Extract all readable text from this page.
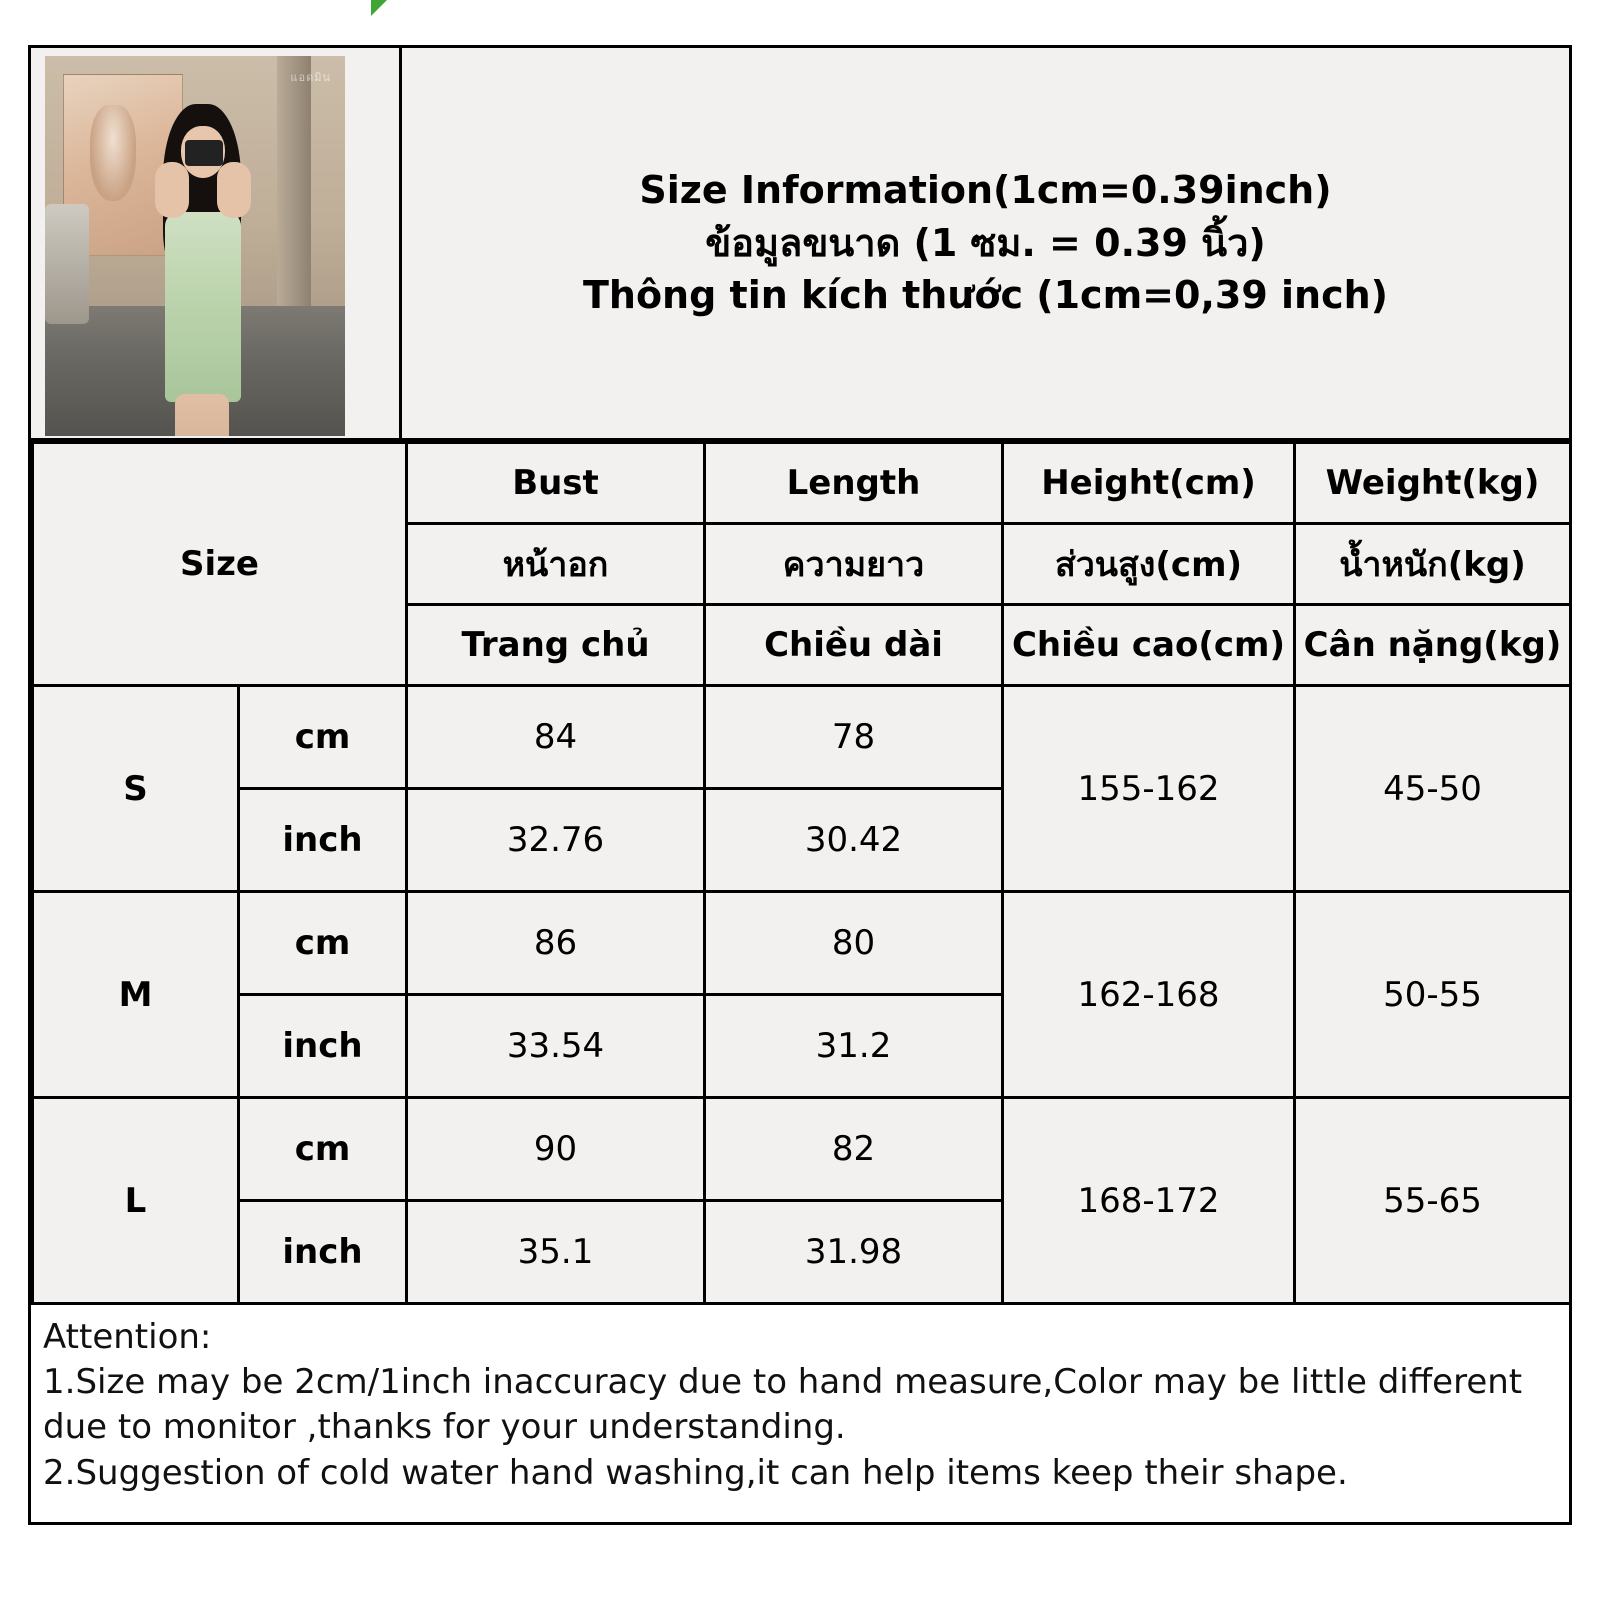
แอดมิน
Size Information(1cm=0.39inch)
ข้อมูลขนาด (1 ซม. = 0.39 นิ้ว)
Thông tin kích thước (1cm=0,39 inch)
Size		Bust	Length	Height(cm)	Weight(kg)
		หน้าอก	ความยาว	ส่วนสูง(cm)	น้ำหนัก(kg)
		Trang chủ	Chiều dài	Chiều cao(cm)	Cân nặng(kg)
S	cm	84	78	155-162	45-50
	inch	32.76	30.42		
M	cm	86	80	162-168	50-55
	inch	33.54	31.2		
L	cm	90	82	168-172	55-65
	inch	35.1	31.98		

Attention:

1.Size may be 2cm/1inch inaccuracy due to hand measure,Color may be little different

due to monitor ,thanks for your understanding.

2.Suggestion of cold water hand washing,it can help items keep their shape.
